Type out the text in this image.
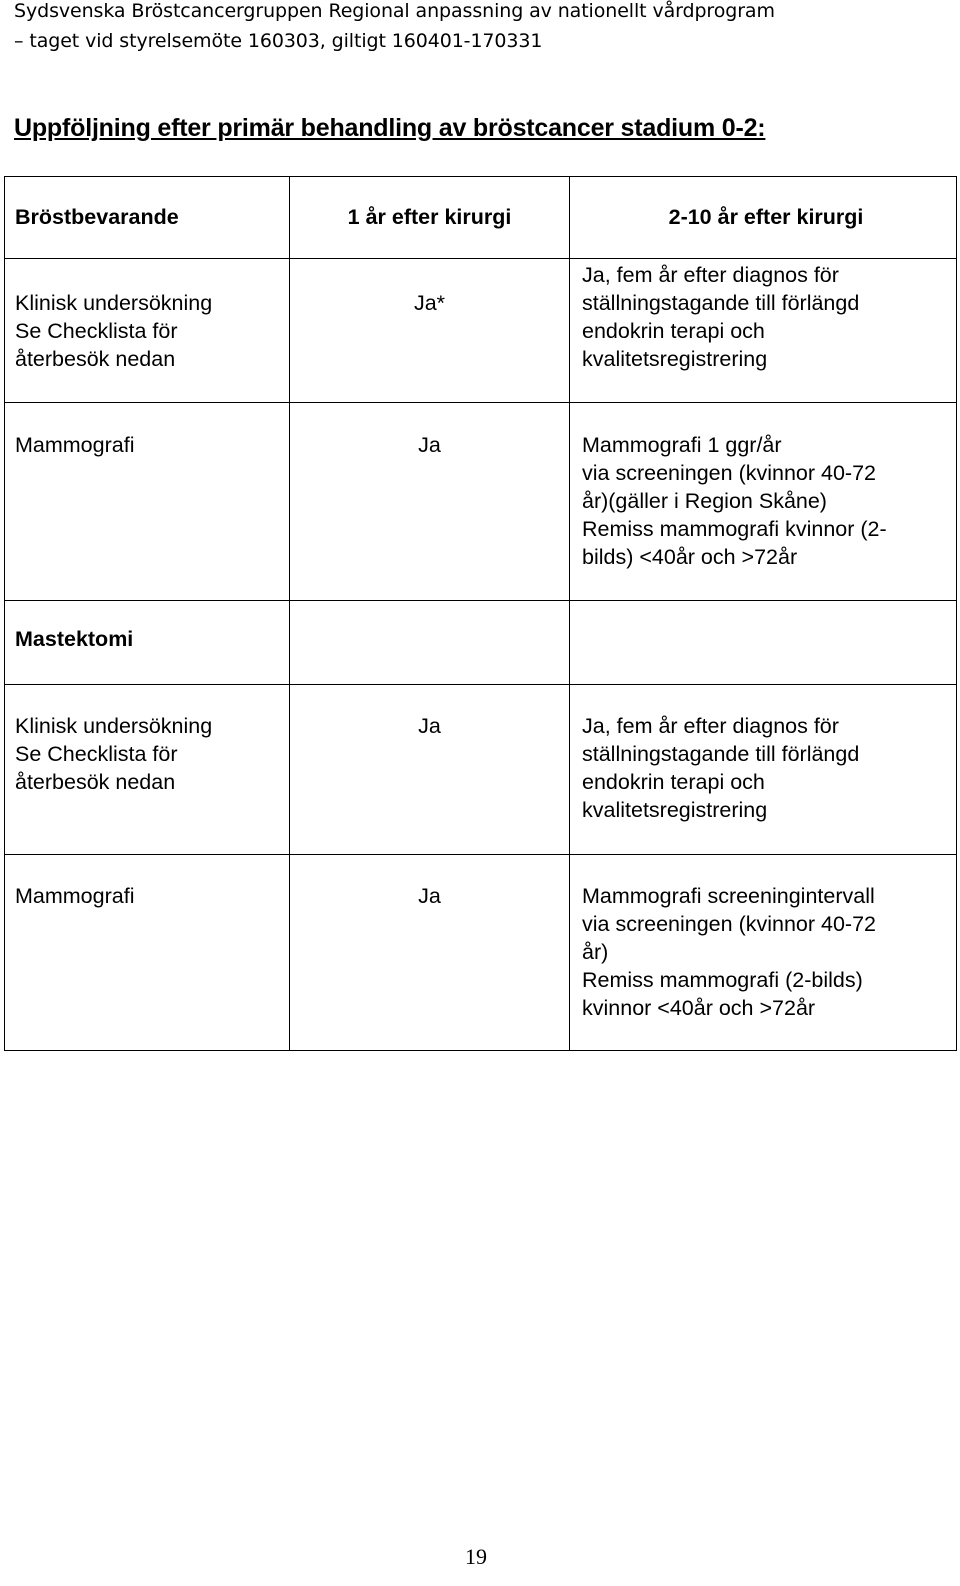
Sydsvenska Bröstcancergruppen Regional anpassning av nationellt vårdprogram
– taget vid styrelsemöte 160303, giltigt 160401-170331
Uppföljning efter primär behandling av bröstcancer stadium 0-2:
Bröstbevarande	1 år efter kirurgi	2-10 år efter kirurgi

Klinisk undersökning
Se Checklista för
återbesök nedan	Ja*	Ja, fem år efter diagnos för
ställningstagande till förlängd
endokrin terapi och
kvalitetsregistrering

Mammografi	Ja	Mammografi 1 ggr/år
via screeningen (kvinnor 40-72
år)(gäller i Region Skåne)
Remiss mammografi kvinnor (2-
bilds) <40år och >72år

Mastektomi		

Klinisk undersökning
Se Checklista för
återbesök nedan	Ja	Ja, fem år efter diagnos för
ställningstagande till förlängd
endokrin terapi och
kvalitetsregistrering

Mammografi	Ja	Mammografi screeningintervall
via screeningen (kvinnor 40-72
år)
Remiss mammografi (2-bilds)
kvinnor <40år och >72år
19
